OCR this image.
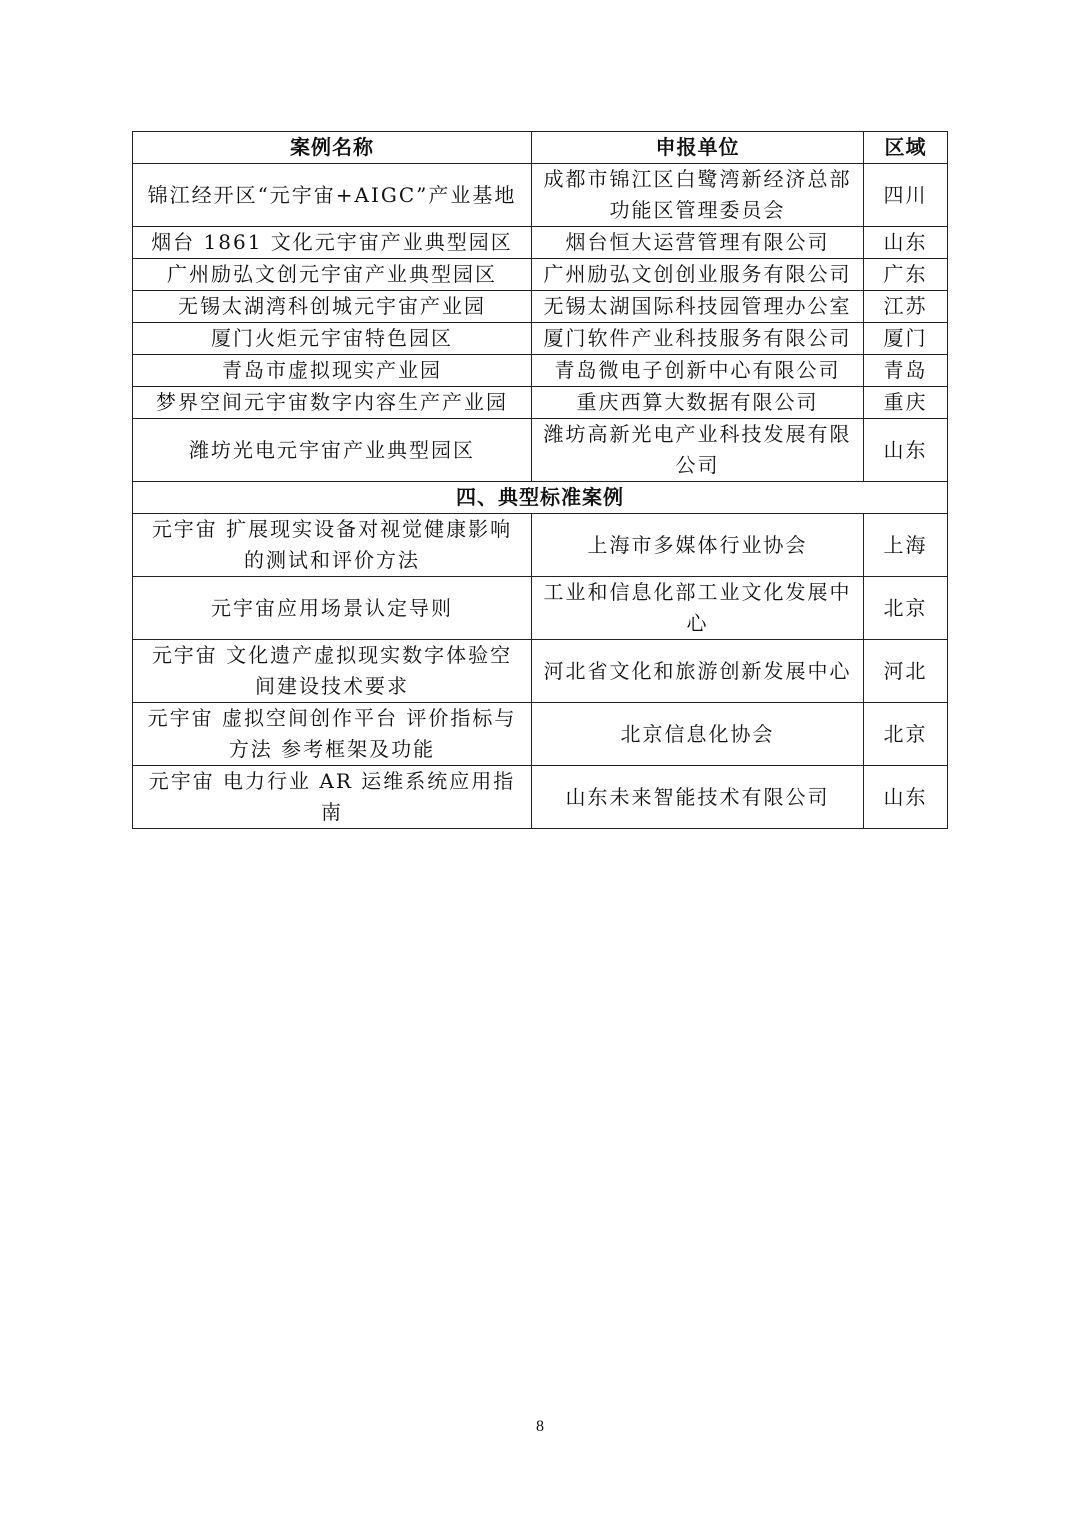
案例名称	申报单位	区域
锦江经开区“元宇宙+AIGC”产业基地	成都市锦江区白鹭湾新经济总部功能区管理委员会	四川
烟台 1861 文化元宇宙产业典型园区	烟台恒大运营管理有限公司	山东
广州励弘文创元宇宙产业典型园区	广州励弘文创创业服务有限公司	广东
无锡太湖湾科创城元宇宙产业园	无锡太湖国际科技园管理办公室	江苏
厦门火炬元宇宙特色园区	厦门软件产业科技服务有限公司	厦门
青岛市虚拟现实产业园	青岛微电子创新中心有限公司	青岛
梦界空间元宇宙数字内容生产产业园	重庆西算大数据有限公司	重庆
潍坊光电元宇宙产业典型园区	潍坊高新光电产业科技发展有限公司	山东
四、典型标准案例		
元宇宙 扩展现实设备对视觉健康影响的测试和评价方法	上海市多媒体行业协会	上海
元宇宙应用场景认定导则	工业和信息化部工业文化发展中心	北京
元宇宙 文化遗产虚拟现实数字体验空间建设技术要求	河北省文化和旅游创新发展中心	河北
元宇宙 虚拟空间创作平台 评价指标与方法 参考框架及功能	北京信息化协会	北京
元宇宙 电力行业 AR 运维系统应用指南	山东未来智能技术有限公司	山东
8
